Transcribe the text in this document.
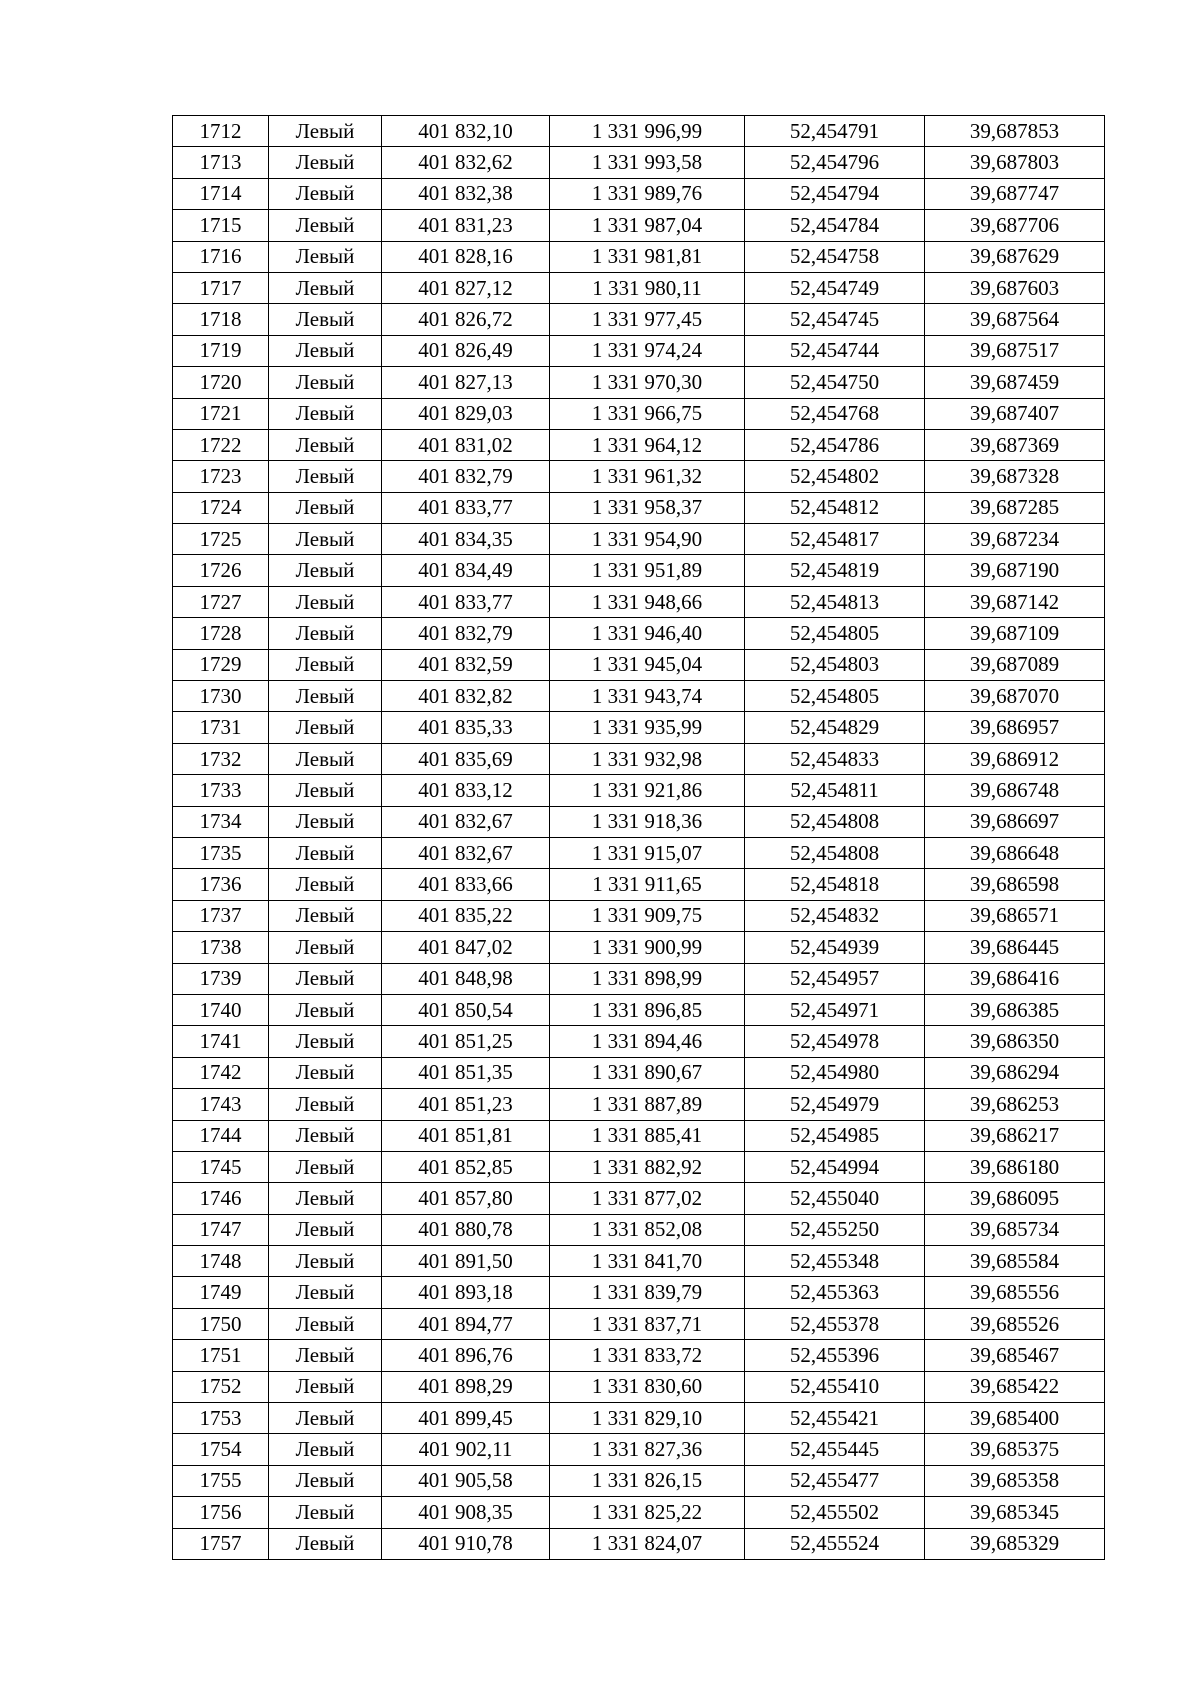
1712	Левый	401 832,10	1 331 996,99	52,454791	39,687853
1713	Левый	401 832,62	1 331 993,58	52,454796	39,687803
1714	Левый	401 832,38	1 331 989,76	52,454794	39,687747
1715	Левый	401 831,23	1 331 987,04	52,454784	39,687706
1716	Левый	401 828,16	1 331 981,81	52,454758	39,687629
1717	Левый	401 827,12	1 331 980,11	52,454749	39,687603
1718	Левый	401 826,72	1 331 977,45	52,454745	39,687564
1719	Левый	401 826,49	1 331 974,24	52,454744	39,687517
1720	Левый	401 827,13	1 331 970,30	52,454750	39,687459
1721	Левый	401 829,03	1 331 966,75	52,454768	39,687407
1722	Левый	401 831,02	1 331 964,12	52,454786	39,687369
1723	Левый	401 832,79	1 331 961,32	52,454802	39,687328
1724	Левый	401 833,77	1 331 958,37	52,454812	39,687285
1725	Левый	401 834,35	1 331 954,90	52,454817	39,687234
1726	Левый	401 834,49	1 331 951,89	52,454819	39,687190
1727	Левый	401 833,77	1 331 948,66	52,454813	39,687142
1728	Левый	401 832,79	1 331 946,40	52,454805	39,687109
1729	Левый	401 832,59	1 331 945,04	52,454803	39,687089
1730	Левый	401 832,82	1 331 943,74	52,454805	39,687070
1731	Левый	401 835,33	1 331 935,99	52,454829	39,686957
1732	Левый	401 835,69	1 331 932,98	52,454833	39,686912
1733	Левый	401 833,12	1 331 921,86	52,454811	39,686748
1734	Левый	401 832,67	1 331 918,36	52,454808	39,686697
1735	Левый	401 832,67	1 331 915,07	52,454808	39,686648
1736	Левый	401 833,66	1 331 911,65	52,454818	39,686598
1737	Левый	401 835,22	1 331 909,75	52,454832	39,686571
1738	Левый	401 847,02	1 331 900,99	52,454939	39,686445
1739	Левый	401 848,98	1 331 898,99	52,454957	39,686416
1740	Левый	401 850,54	1 331 896,85	52,454971	39,686385
1741	Левый	401 851,25	1 331 894,46	52,454978	39,686350
1742	Левый	401 851,35	1 331 890,67	52,454980	39,686294
1743	Левый	401 851,23	1 331 887,89	52,454979	39,686253
1744	Левый	401 851,81	1 331 885,41	52,454985	39,686217
1745	Левый	401 852,85	1 331 882,92	52,454994	39,686180
1746	Левый	401 857,80	1 331 877,02	52,455040	39,686095
1747	Левый	401 880,78	1 331 852,08	52,455250	39,685734
1748	Левый	401 891,50	1 331 841,70	52,455348	39,685584
1749	Левый	401 893,18	1 331 839,79	52,455363	39,685556
1750	Левый	401 894,77	1 331 837,71	52,455378	39,685526
1751	Левый	401 896,76	1 331 833,72	52,455396	39,685467
1752	Левый	401 898,29	1 331 830,60	52,455410	39,685422
1753	Левый	401 899,45	1 331 829,10	52,455421	39,685400
1754	Левый	401 902,11	1 331 827,36	52,455445	39,685375
1755	Левый	401 905,58	1 331 826,15	52,455477	39,685358
1756	Левый	401 908,35	1 331 825,22	52,455502	39,685345
1757	Левый	401 910,78	1 331 824,07	52,455524	39,685329
